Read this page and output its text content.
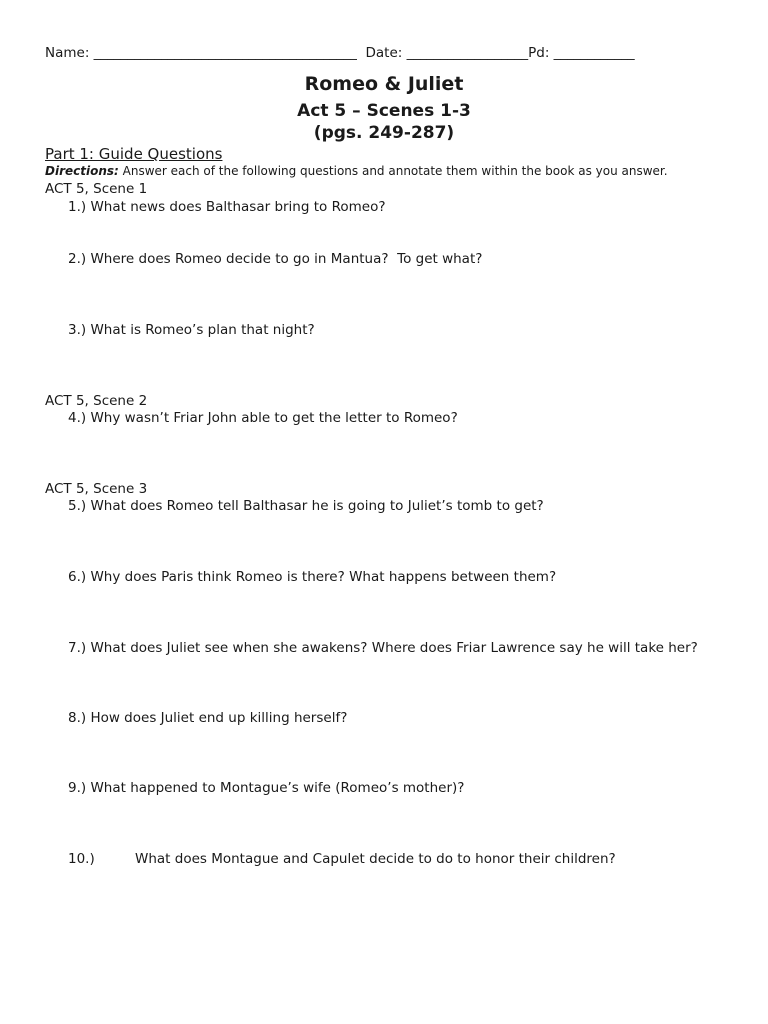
Name: _______________________________________  Date: __________________Pd: ____________
Romeo & Juliet
Act 5 – Scenes 1-3
(pgs. 249-287)
Part 1: Guide Questions
Directions: Answer each of the following questions and annotate them within the book as you answer.
ACT 5, Scene 1
1.) What news does Balthasar bring to Romeo?
2.) Where does Romeo decide to go in Mantua?  To get what?
3.) What is Romeo’s plan that night?
ACT 5, Scene 2
4.) Why wasn’t Friar John able to get the letter to Romeo?
ACT 5, Scene 3
5.) What does Romeo tell Balthasar he is going to Juliet’s tomb to get?
6.) Why does Paris think Romeo is there? What happens between them?
7.) What does Juliet see when she awakens? Where does Friar Lawrence say he will take her?
8.) How does Juliet end up killing herself?
9.) What happened to Montague’s wife (Romeo’s mother)?
10.)	What does Montague and Capulet decide to do to honor their children?
